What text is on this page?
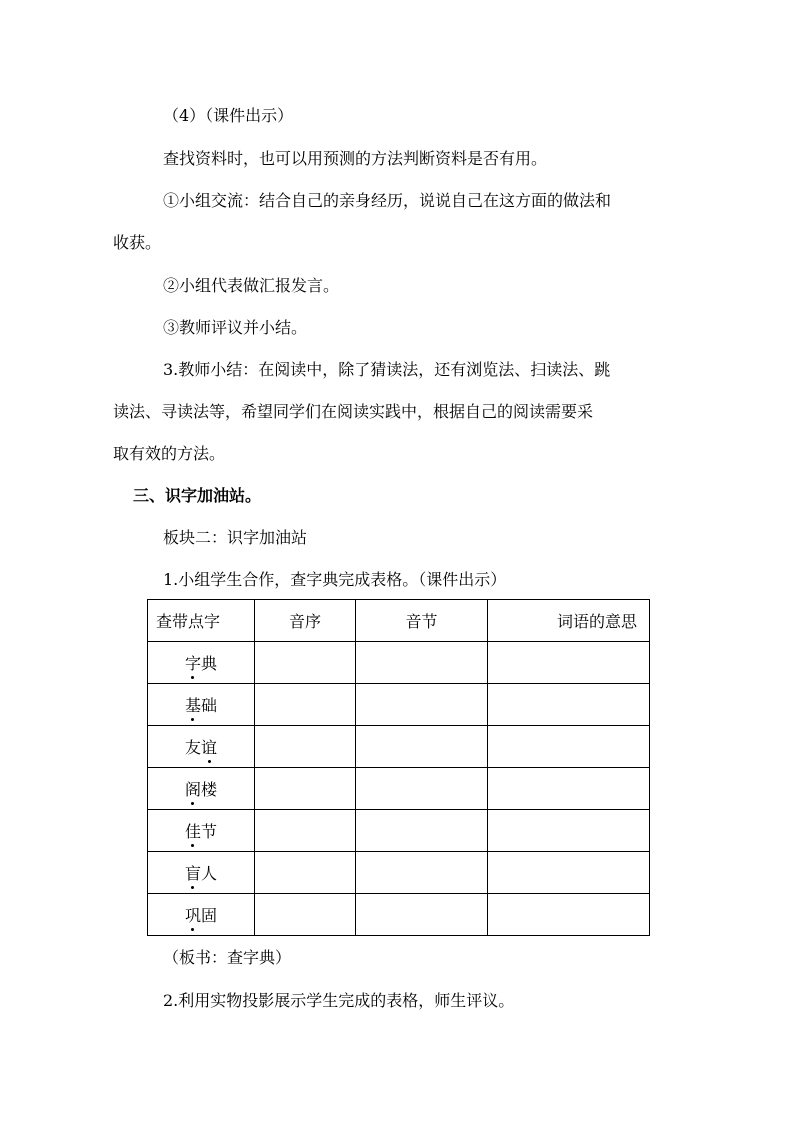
（4）（课件出示）
查找资料时，也可以用预测的方法判断资料是否有用。
①小组交流：结合自己的亲身经历，说说自己在这方面的做法和
收获。
②小组代表做汇报发言。
③教师评议并小结。
3.教师小结：在阅读中，除了猜读法，还有浏览法、扫读法、跳
读法、寻读法等，希望同学们在阅读实践中，根据自己的阅读需要采
取有效的方法。
三、识字加油站。
板块二：识字加油站
1.小组学生合作，查字典完成表格。（课件出示）
查带点字	音序	音节	词语的意思
字典			
基础			
友谊			
阁楼			
佳节			
盲人			
巩固			
（板书：查字典）
2.利用实物投影展示学生完成的表格，师生评议。
